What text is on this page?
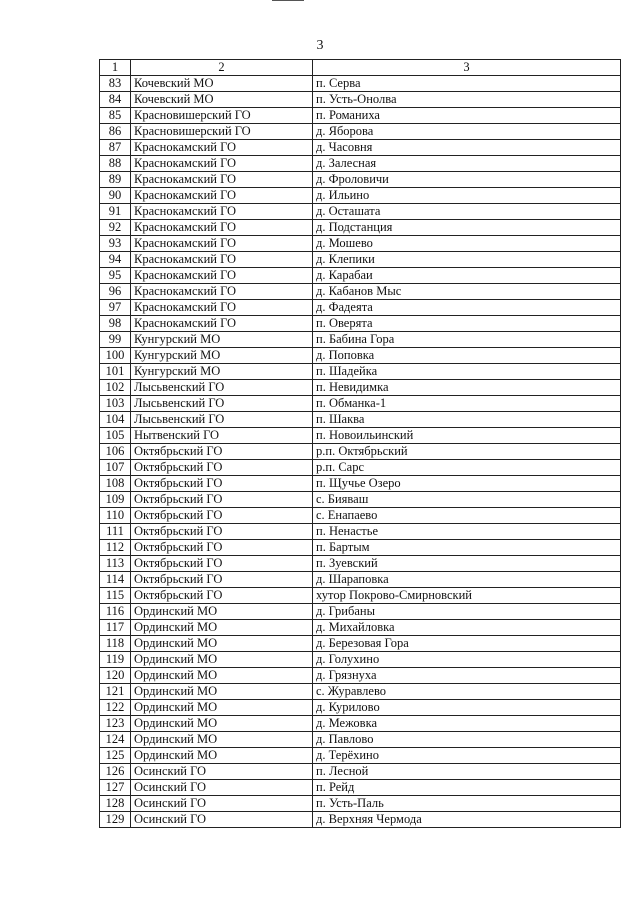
3
1	2	3
83	Кочевский МО	п. Серва
84	Кочевский МО	п. Усть-Онолва
85	Красновишерский ГО	п. Романиха
86	Красновишерский ГО	д. Яборова
87	Краснокамский ГО	д. Часовня
88	Краснокамский ГО	д. Залесная
89	Краснокамский ГО	д. Фроловичи
90	Краснокамский ГО	д. Ильино
91	Краснокамский ГО	д. Осташата
92	Краснокамский ГО	д. Подстанция
93	Краснокамский ГО	д. Мошево
94	Краснокамский ГО	д. Клепики
95	Краснокамский ГО	д. Карабаи
96	Краснокамский ГО	д. Кабанов Мыс
97	Краснокамский ГО	д. Фадеята
98	Краснокамский ГО	п. Оверята
99	Кунгурский МО	п. Бабина Гора
100	Кунгурский МО	д. Поповка
101	Кунгурский МО	п. Шадейка
102	Лысьвенский ГО	п. Невидимка
103	Лысьвенский ГО	п. Обманка-1
104	Лысьвенский ГО	п. Шаква
105	Нытвенский ГО	п. Новоильинский
106	Октябрьский ГО	р.п. Октябрьский
107	Октябрьский ГО	р.п. Сарс
108	Октябрьский ГО	п. Щучье Озеро
109	Октябрьский ГО	с. Бияваш
110	Октябрьский ГО	с. Енапаево
111	Октябрьский ГО	п. Ненастье
112	Октябрьский ГО	п. Бартым
113	Октябрьский ГО	п. Зуевский
114	Октябрьский ГО	д. Шараповка
115	Октябрьский ГО	хутор Покрово-Смирновский
116	Ординский МО	д. Грибаны
117	Ординский МО	д. Михайловка
118	Ординский МО	д. Березовая Гора
119	Ординский МО	д. Голухино
120	Ординский МО	д. Грязнуха
121	Ординский МО	с. Журавлево
122	Ординский МО	д. Курилово
123	Ординский МО	д. Межовка
124	Ординский МО	д. Павлово
125	Ординский МО	д. Терёхино
126	Осинский ГО	п. Лесной
127	Осинский ГО	п. Рейд
128	Осинский ГО	п. Усть-Паль
129	Осинский ГО	д. Верхняя Чермода
